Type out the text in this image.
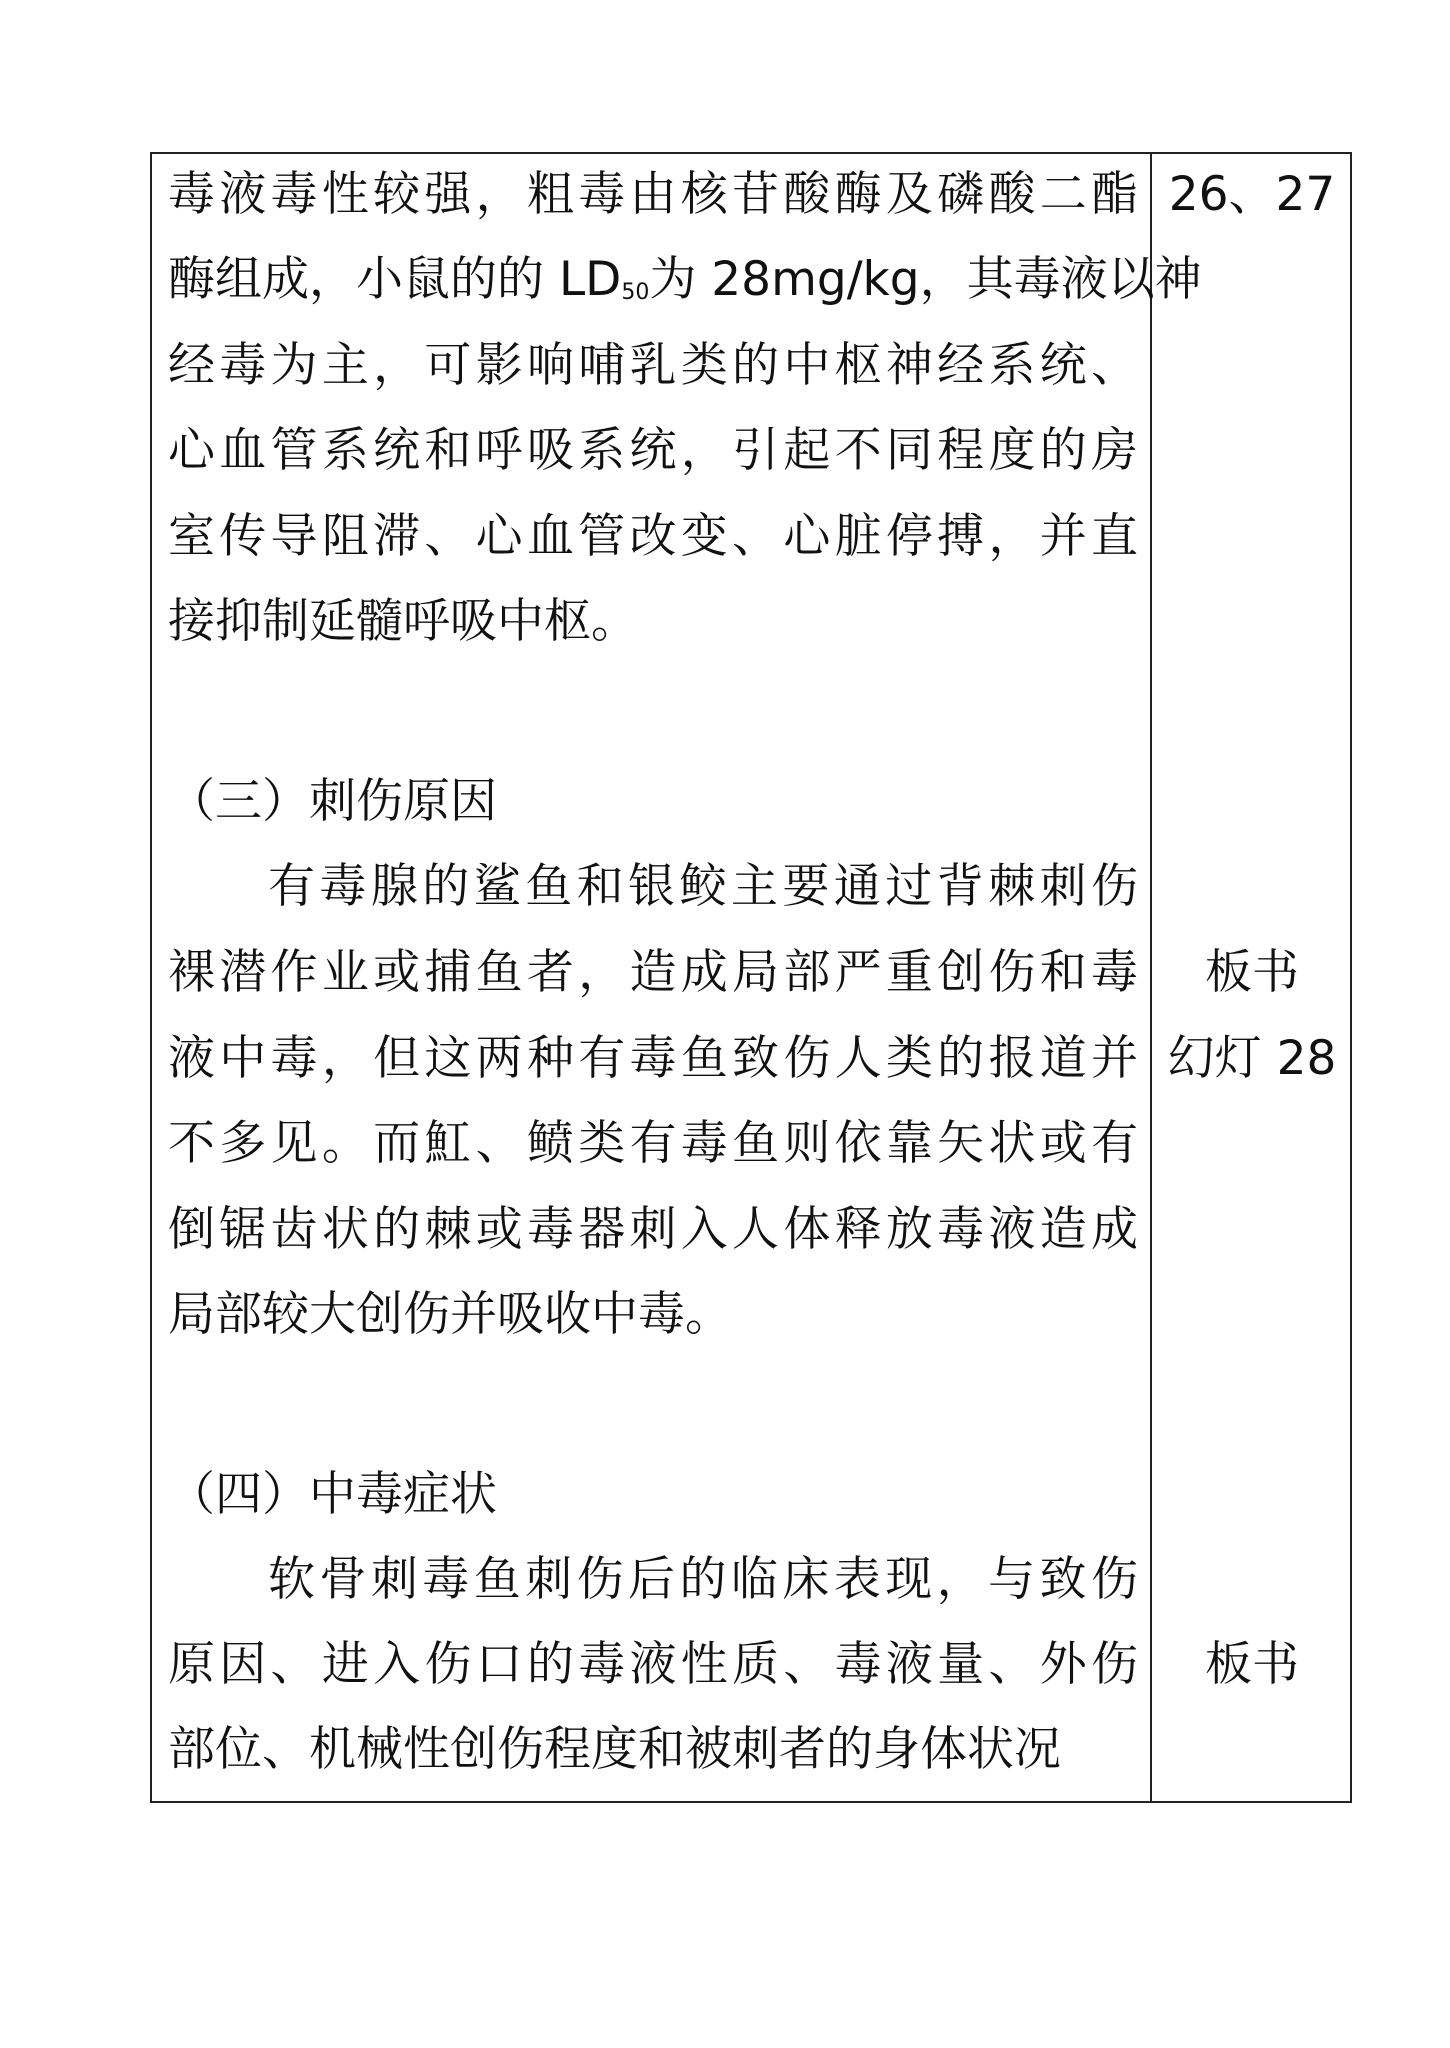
毒液毒性较强，粗毒由核苷酸酶及磷酸二酯
酶组成，小鼠的的 $LD_{50}$为 28mg/kg，其毒液以神
经毒为主，可影响哺乳类的中枢神经系统、
心血管系统和呼吸系统，引起不同程度的房
室传导阻滞、心血管改变、心脏停搏，并直
接抑制延髓呼吸中枢。
26、27
（三）刺伤原因
有毒腺的鲨鱼和银鲛主要通过背棘刺伤
裸潜作业或捕鱼者，造成局部严重创伤和毒
液中毒，但这两种有毒鱼致伤人类的报道并
不多见。而魟、鲼类有毒鱼则依靠矢状或有
倒锯齿状的棘或毒器刺入人体释放毒液造成
局部较大创伤并吸收中毒。
板书
幻灯 28
（四）中毒症状
软骨刺毒鱼刺伤后的临床表现，与致伤
原因、进入伤口的毒液性质、毒液量、外伤
部位、机械性创伤程度和被刺者的身体状况
板书
